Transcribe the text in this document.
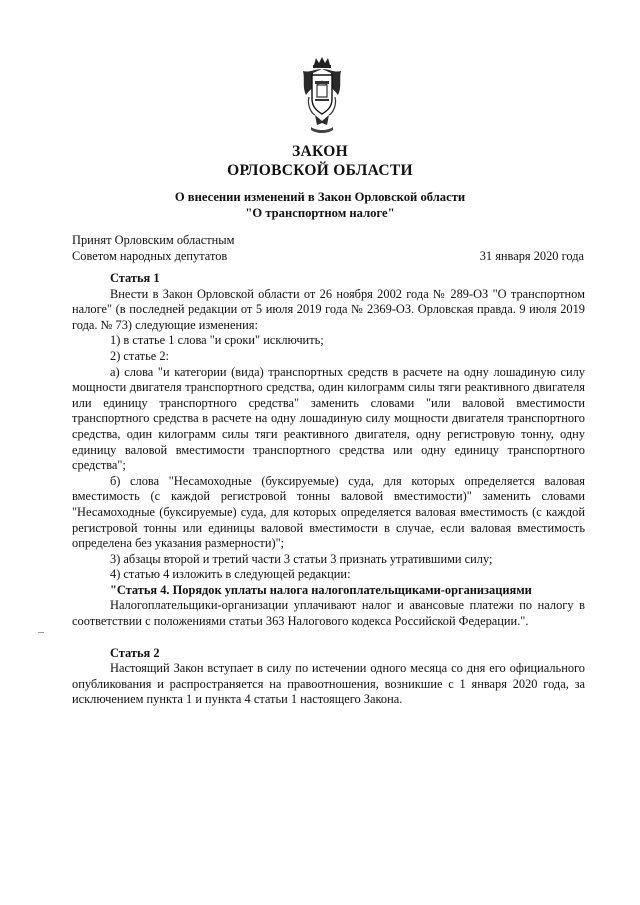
ЗАКОН
ОРЛОВСКОЙ ОБЛАСТИ
О внесении изменений в Закон Орловской области
"О транспортном налоге"
Принят Орловским областным
Советом народных депутатов	31 января 2020 года

Статья 1

Внести в Закон Орловской области от 26 ноября 2002 года № 289-ОЗ "О транспортном налоге" (в последней редакции от 5 июля 2019 года № 2369-ОЗ. Орловская правда. 9 июля 2019 года. № 73) следующие изменения:

1) в статье 1 слова "и сроки" исключить;

2) статье 2:

а) слова "и категории (вида) транспортных средств в расчете на одну лошадиную силу мощности двигателя транспортного средства, один килограмм силы тяги реактивного двигателя или единицу транспортного средства" заменить словами "или валовой вместимости транспортного средства в расчете на одну лошадиную силу мощности двигателя транспортного средства, один килограмм силы тяги реактивного двигателя, одну регистровую тонну, одну единицу валовой вместимости транспортного средства или одну единицу транспортного средства";

б) слова "Несамоходные (буксируемые) суда, для которых определяется валовая вместимость (с каждой регистровой тонны валовой вместимости)" заменить словами "Несамоходные (буксируемые) суда, для которых определяется валовая вместимость (с каждой регистровой тонны или единицы валовой вместимости в случае, если валовая вместимость определена без указания размерности)";

3) абзацы второй и третий части 3 статьи 3 признать утратившими силу;

4) статью 4 изложить в следующей редакции:

"Статья 4. Порядок уплаты налога налогоплательщиками-организациями

Налогоплательщики-организации уплачивают налог и авансовые платежи по налогу в соответствии с положениями статьи 363 Налогового кодекса Российской Федерации.".

Статья 2

Настоящий Закон вступает в силу по истечении одного месяца со дня его официального опубликования и распространяется на правоотношения, возникшие с 1 января 2020 года, за исключением пункта 1 и пункта 4 статьи 1 настоящего Закона.
